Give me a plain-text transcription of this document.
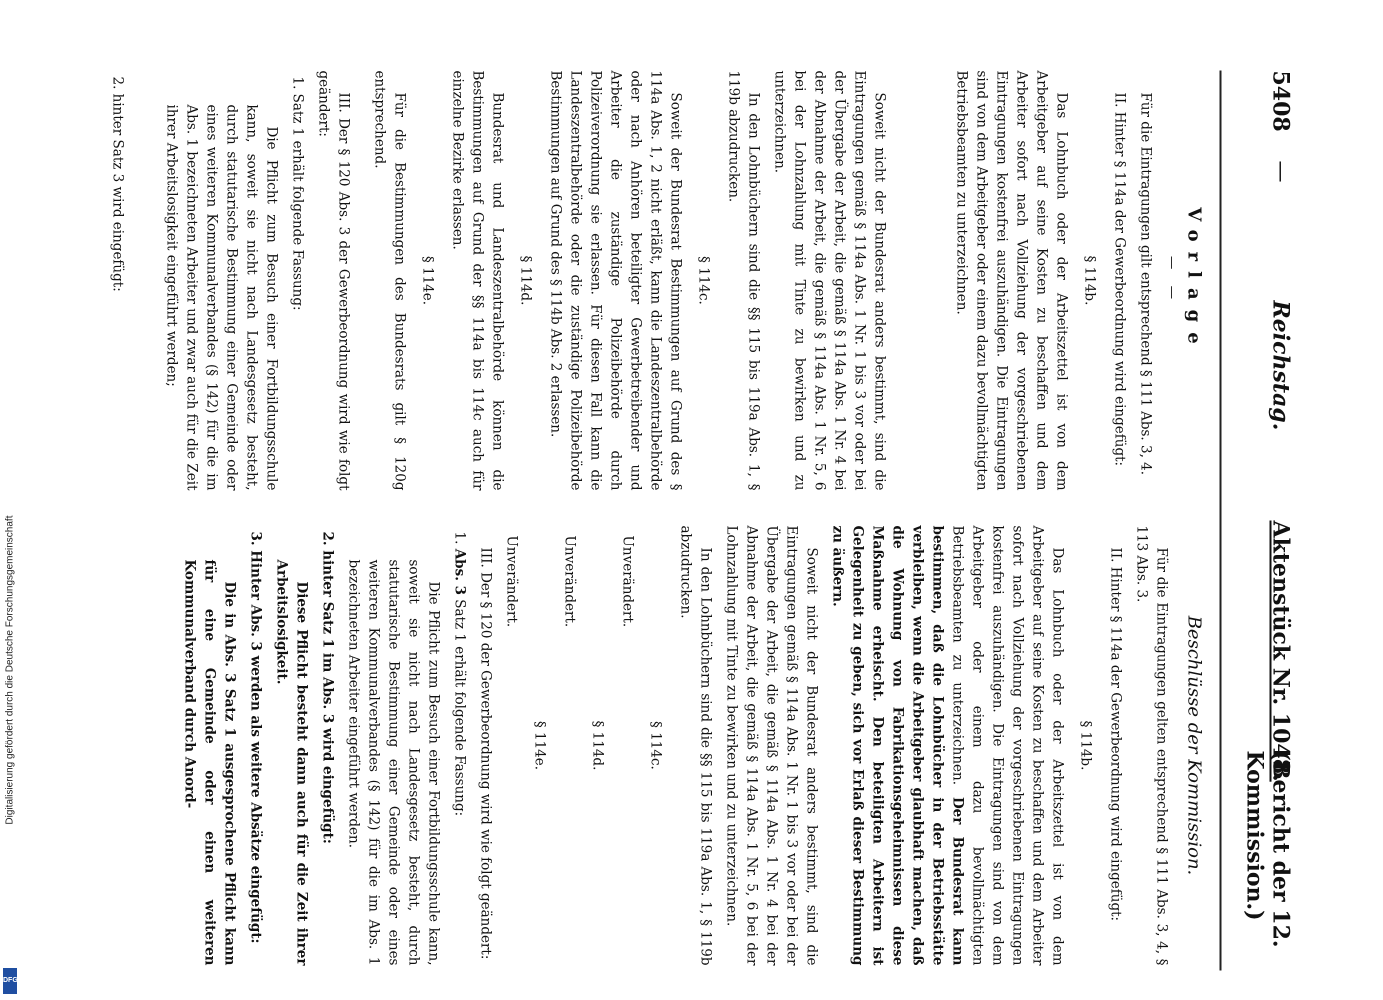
5408
—
Reichstag.
Aktenstück Nr. 1048.
(Bericht der 12. Kommission.)
Vorlage
— —

Für die Eintragungen gilt entsprechend § 111 Abs. 3, 4.

II. Hinter § 114a der Gewerbeordnung wird eingefügt:

§ 114b.

Das Lohnbuch oder der Arbeitszettel ist von dem Arbeitgeber auf seine Kosten zu beschaffen und dem Arbeiter sofort nach Vollziehung der vorgeschriebenen Eintragungen kostenfrei auszuhändigen. Die Eintragungen sind von dem Arbeitgeber oder einem dazu bevollmächtigten Betriebsbeamten zu unterzeichnen.

Soweit nicht der Bundesrat anders bestimmt, sind die Eintragungen gemäß § 114a Abs. 1 Nr. 1 bis 3 vor oder bei der Übergabe der Arbeit, die gemäß § 114a Abs. 1 Nr. 4 bei der Abnahme der Arbeit, die gemäß § 114a Abs. 1 Nr. 5, 6 bei der Lohnzahlung mit Tinte zu bewirken und zu unterzeichnen.

In den Lohnbüchern sind die §§ 115 bis 119a Abs. 1, § 119b abzudrucken.

§ 114c.

Soweit der Bundesrat Bestimmungen auf Grund des § 114a Abs. 1, 2 nicht erläßt, kann die Landeszentralbehörde oder nach Anhören beteiligter Gewerbetreibender und Arbeiter die zuständige Polizeibehörde durch Polizeiverordnung sie erlassen. Für diesen Fall kann die Landeszentralbehörde oder die zuständige Polizeibehörde Bestimmungen auf Grund des § 114b Abs. 2 erlassen.

§ 114d.

Bundesrat und Landeszentralbehörde können die Bestimmungen auf Grund der §§ 114a bis 114c auch für einzelne Bezirke erlassen.

§ 114e.

Für die Bestimmungen des Bundesrats gilt § 120g entsprechend.

III. Der § 120 Abs. 3 der Gewerbeordnung wird wie folgt geändert:

1. Satz 1 erhält folgende Fassung:

Die Pflicht zum Besuch einer Fortbildungsschule kann, soweit sie nicht nach Landesgesetz besteht, durch statutarische Bestimmung einer Gemeinde oder eines weiteren Kommunalverbandes (§ 142) für die im Abs. 1 bezeichneten Arbeiter und zwar auch für die Zeit ihrer Arbeitslosigkeit eingeführt werden;

2. hinter Satz 3 wird eingefügt:

Beschlüsse der Kommission.

Für die Eintragungen gelten entsprechend § 111 Abs. 3, 4, § 113 Abs. 3.

II. Hinter § 114a der Gewerbeordnung wird eingefügt:

§ 114b.

Das Lohnbuch oder der Arbeitszettel ist von dem Arbeitgeber auf seine Kosten zu beschaffen und dem Arbeiter sofort nach Vollziehung der vorgeschriebenen Eintragungen kostenfrei auszuhändigen. Die Eintragungen sind von dem Arbeitgeber oder einem dazu bevollmächtigten Betriebsbeamten zu unterzeichnen. Der Bundesrat kann bestimmen, daß die Lohnbücher in der Betriebsstätte verbleiben, wenn die Arbeitgeber glaubhaft machen, daß die Wohnung von Fabrikationsgeheimnissen diese Maßnahme erheischt. Den beteiligten Arbeitern ist Gelegenheit zu geben, sich vor Erlaß dieser Bestimmung zu äußern.

Soweit nicht der Bundesrat anders bestimmt, sind die Eintragungen gemäß § 114a Abs. 1 Nr. 1 bis 3 vor oder bei der Übergabe der Arbeit, die gemäß § 114a Abs. 1 Nr. 4 bei der Abnahme der Arbeit, die gemäß § 114a Abs. 1 Nr. 5, 6 bei der Lohnzahlung mit Tinte zu bewirken und zu unterzeichnen.

In den Lohnbüchern sind die §§ 115 bis 119a Abs. 1, § 119b abzudrucken.

§ 114c.

Unverändert.

§ 114d.

Unverändert.

§ 114e.

Unverändert.

III. Der § 120 der Gewerbeordnung wird wie folgt geändert:

1. Abs. 3 Satz 1 erhält folgende Fassung:

Die Pflicht zum Besuch einer Fortbildungsschule kann, soweit sie nicht nach Landesgesetz besteht, durch statutarische Bestimmung einer Gemeinde oder eines weiteren Kommunalverbandes (§ 142) für die im Abs. 1 bezeichneten Arbeiter eingeführt werden.

2. hinter Satz 1 im Abs. 3 wird eingefügt:

Diese Pflicht besteht dann auch für die Zeit ihrer Arbeitslosigkeit.

3. Hinter Abs. 3 werden als weitere Absätze eingefügt:

Die in Abs. 3 Satz 1 ausgesprochene Pflicht kann für eine Gemeinde oder einen weiteren Kommunalverband durch Anord-

Digitalisierung gefördert durch die Deutsche Forschungsgemeinschaft
DFG
